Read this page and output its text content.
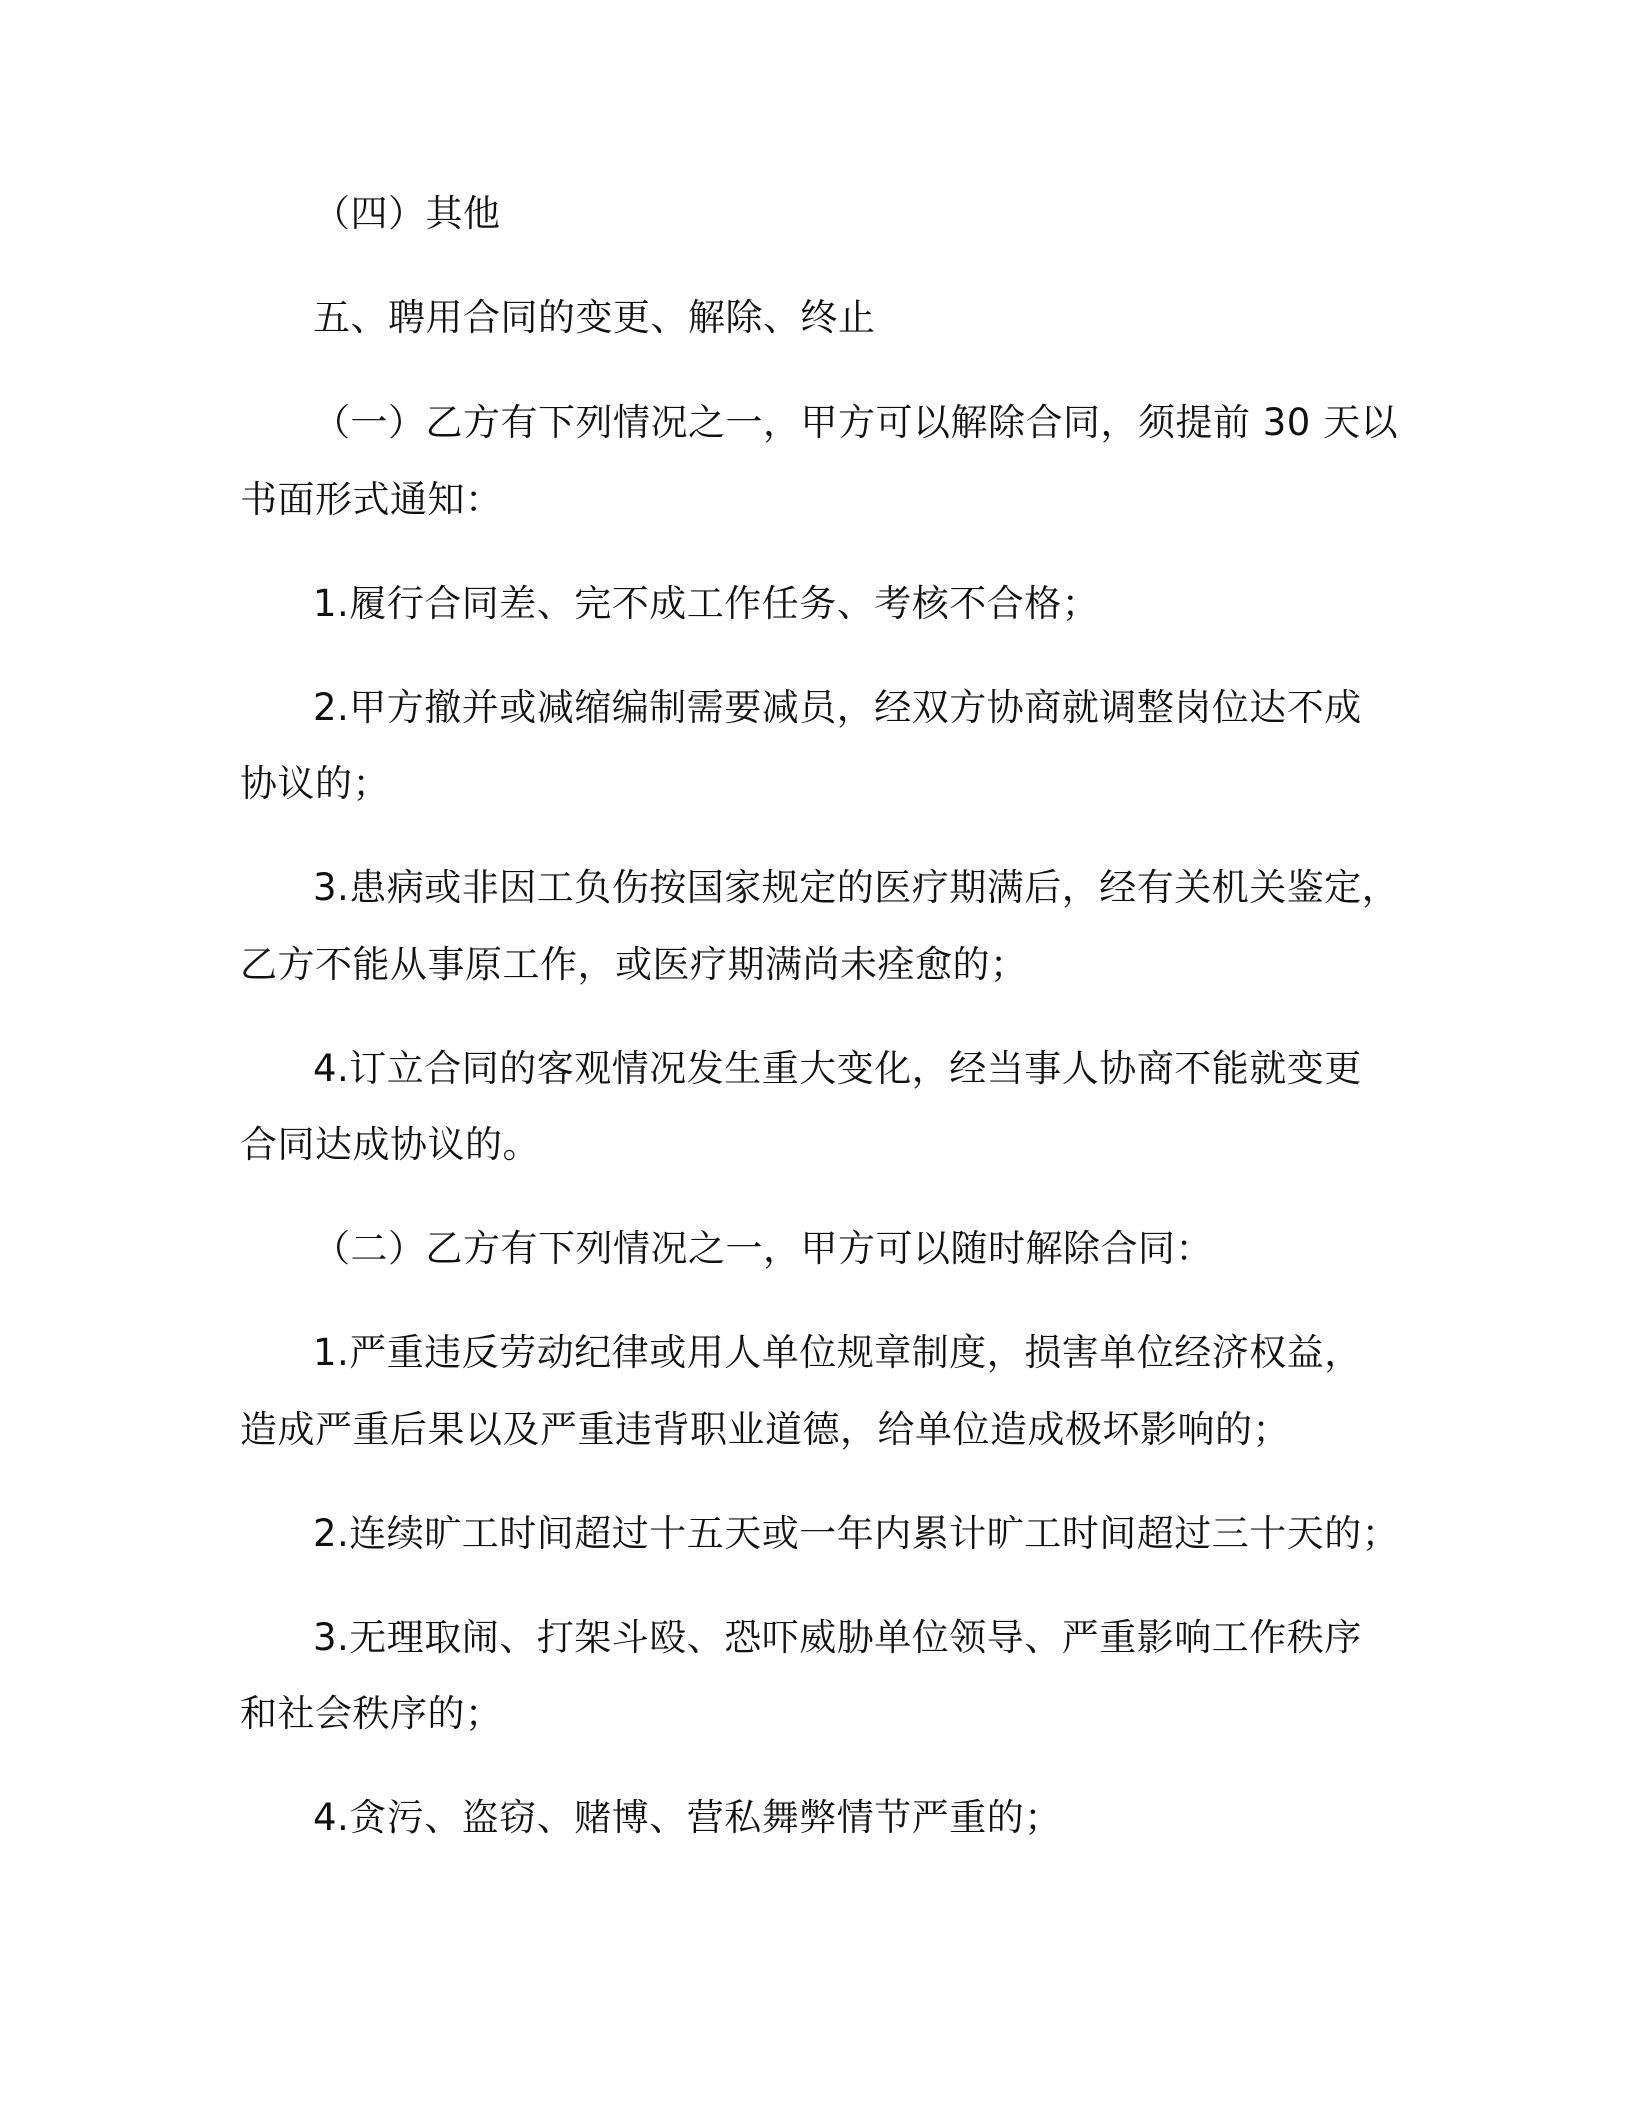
（四）其他
五、聘用合同的变更、解除、终止
（一）乙方有下列情况之一，甲方可以解除合同，须提前 30 天以
书面形式通知：
1.履行合同差、完不成工作任务、考核不合格；
2.甲方撤并或减缩编制需要减员，经双方协商就调整岗位达不成
协议的；
3.患病或非因工负伤按国家规定的医疗期满后，经有关机关鉴定，
乙方不能从事原工作，或医疗期满尚未痊愈的；
4.订立合同的客观情况发生重大变化，经当事人协商不能就变更
合同达成协议的。
（二）乙方有下列情况之一，甲方可以随时解除合同：
1.严重违反劳动纪律或用人单位规章制度，损害单位经济权益，
造成严重后果以及严重违背职业道德，给单位造成极坏影响的；
2.连续旷工时间超过十五天或一年内累计旷工时间超过三十天的；
3.无理取闹、打架斗殴、恐吓威胁单位领导、严重影响工作秩序
和社会秩序的；
4.贪污、盗窃、赌博、营私舞弊情节严重的；
